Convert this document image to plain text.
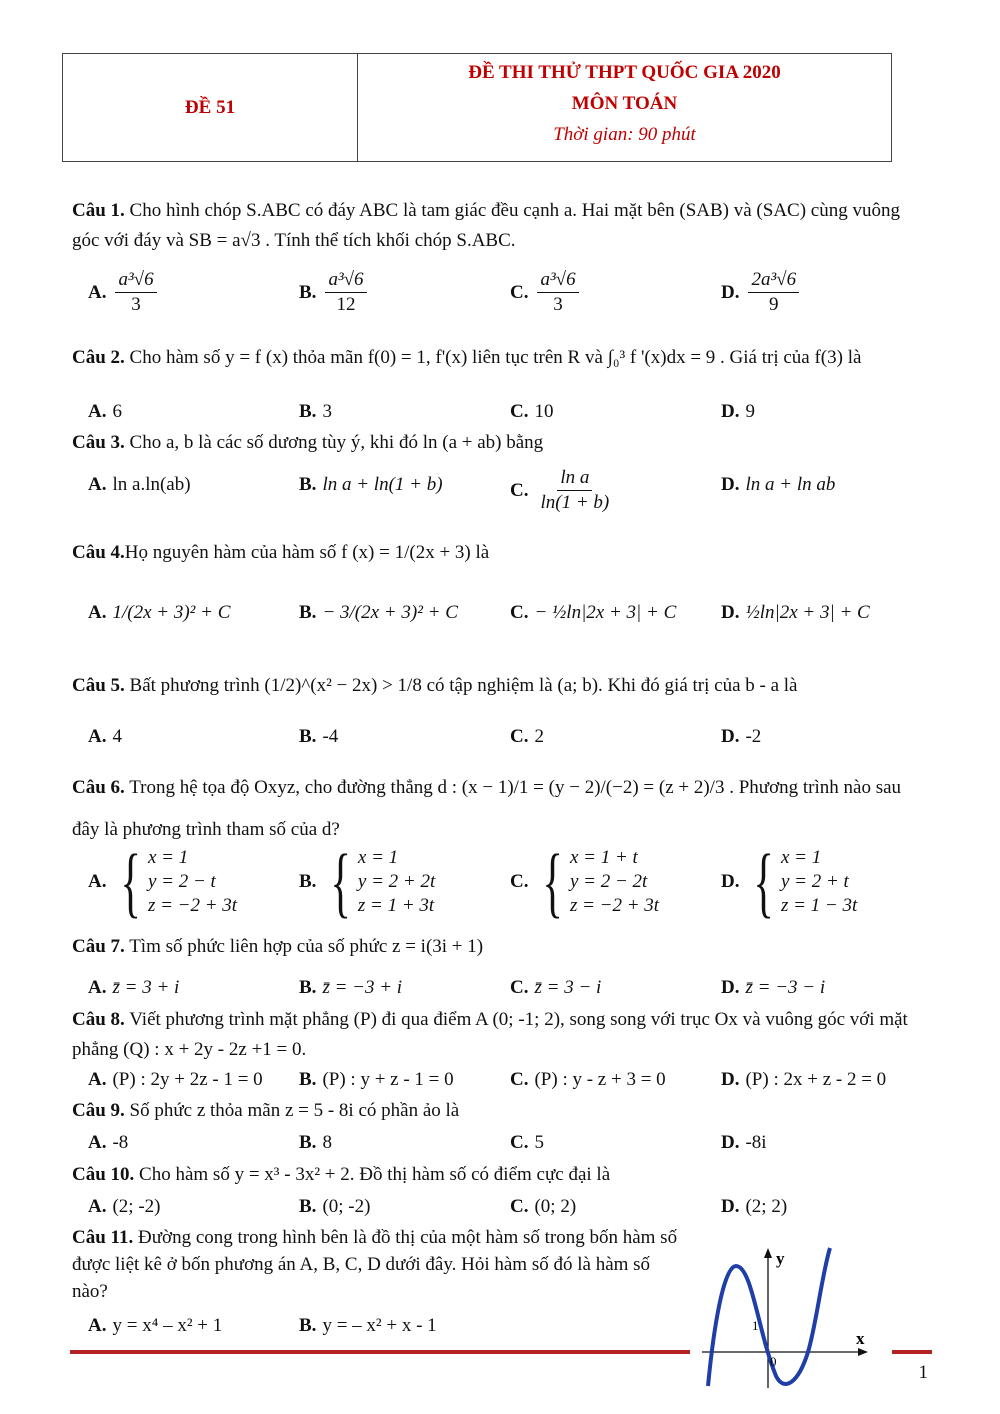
ĐỀ 51
ĐỀ THI THỬ THPT QUỐC GIA 2020
MÔN TOÁN
Thời gian: 90 phút
Câu 1. Cho hình chóp S.ABC có đáy ABC là tam giác đều cạnh a. Hai mặt bên (SAB) và (SAC) cùng vuông góc với đáy và SB = a√3 . Tính thể tích khối chóp S.ABC.
A. $\frac{\text{a³√6}}{3}$	B. $\frac{\text{a³√6}}{12}$	C. $\frac{\text{a³√6}}{3}$	D. $\frac{\text{2a³√6}}{9}$
Câu 2. Cho hàm số y = f (x) thỏa mãn f(0) = 1, f'(x) liên tục trên R và ∫₀³ f '(x)dx = 9 . Giá trị của f(3) là
A. 6	B. 3	C. 10	D. 9
Câu 3. Cho a, b là các số dương tùy ý, khi đó ln (a + ab) bằng
A. ln a.ln(ab)	B. ln a + ln(1 + b)	C. $\frac{\text{ln a}}{\ln(1 + b)}$	D. ln a + ln ab
Câu 4.Họ nguyên hàm của hàm số f (x) = 1/(2x + 3) là
A. 1/(2x + 3)² + C	B. − 3/(2x + 3)² + C	C. − ½ln|2x + 3| + C D. ½ln|2x + 3| + C
Câu 5. Bất phương trình (1/2)^(x² − 2x) > 1/8 có tập nghiệm là (a; b). Khi đó giá trị của b - a là
A. 4	B. -4	C. 2	D. -2
Câu 6. Trong hệ tọa độ Oxyz, cho đường thẳng d : (x − 1)/1 = (y − 2)/(−2) = (z + 2)/3 . Phương trình nào sau đây là phương trình tham số của d?
A. { x = 1
y = 2 − t
z = −2 + 3t
B. { x = 1
y = 2 + 2t
z = 1 + 3t
C. { x = 1 + t
y = 2 − 2t
z = −2 + 3t
D. { x = 1
y = 2 + t
z = 1 − 3t
Câu 7. Tìm số phức liên hợp của số phức z = i(3i + 1)
A. z̄ = 3 + i	B. z̄ = −3 + i	C. z̄ = 3 − i	D. z̄ = −3 − i
Câu 8. Viết phương trình mặt phẳng (P) đi qua điểm A (0; -1; 2), song song với trục Ox và vuông góc với mặt phẳng (Q) : x + 2y - 2z +1 = 0.
A. (P) : 2y + 2z - 1 = 0 B. (P) : y + z - 1 = 0	C. (P) : y - z + 3 = 0	D. (P) : 2x + z - 2 = 0
Câu 9. Số phức z thỏa mãn z = 5 - 8i có phần ảo là
A. -8	B. 8	C. 5	D. -8i
Câu 10. Cho hàm số y = x³ - 3x² + 2. Đồ thị hàm số có điểm cực đại là
A. (2; -2)	B. (0; -2)	C. (0; 2)	D. (2; 2)
Câu 11. Đường cong trong hình bên là đồ thị của một hàm số trong bốn hàm số được liệt kê ở bốn phương án A, B, C, D dưới đây. Hỏi hàm số đó là hàm số nào?
A. y = x⁴ – x² + 1	B. y = – x² + x - 1
y
x
1
0
1
